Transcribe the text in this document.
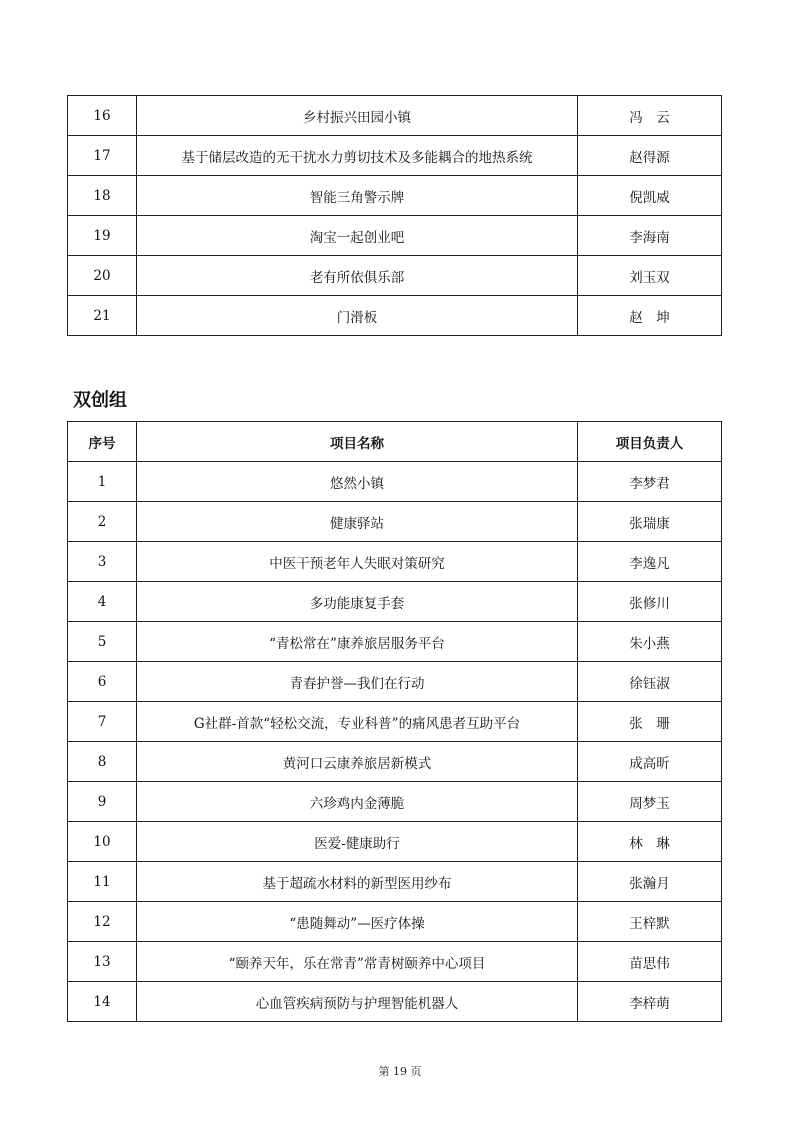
16	乡村振兴田园小镇	冯　云
17	基于储层改造的无干扰水力剪切技术及多能耦合的地热系统	赵得源
18	智能三角警示牌	倪凯威
19	淘宝一起创业吧	李海南
20	老有所依俱乐部	刘玉双
21	门滑板	赵　坤
双创组
序号	项目名称	项目负责人
1	悠然小镇	李梦君
2	健康驿站	张瑞康
3	中医干预老年人失眠对策研究	李逸凡
4	多功能康复手套	张修川
5	“青松常在”康养旅居服务平台	朱小燕
6	青春护誉—我们在行动	徐钰淑
7	G社群-首款“轻松交流，专业科普”的痛风患者互助平台	张　珊
8	黄河口云康养旅居新模式	成高昕
9	六珍鸡内金薄脆	周梦玉
10	医爱-健康助行	林　琳
11	基于超疏水材料的新型医用纱布	张瀚月
12	“患随舞动”—医疗体操	王梓默
13	“颐养天年，乐在常青”常青树颐养中心项目	苗思伟
14	心血管疾病预防与护理智能机器人	李梓萌
第 19 页
